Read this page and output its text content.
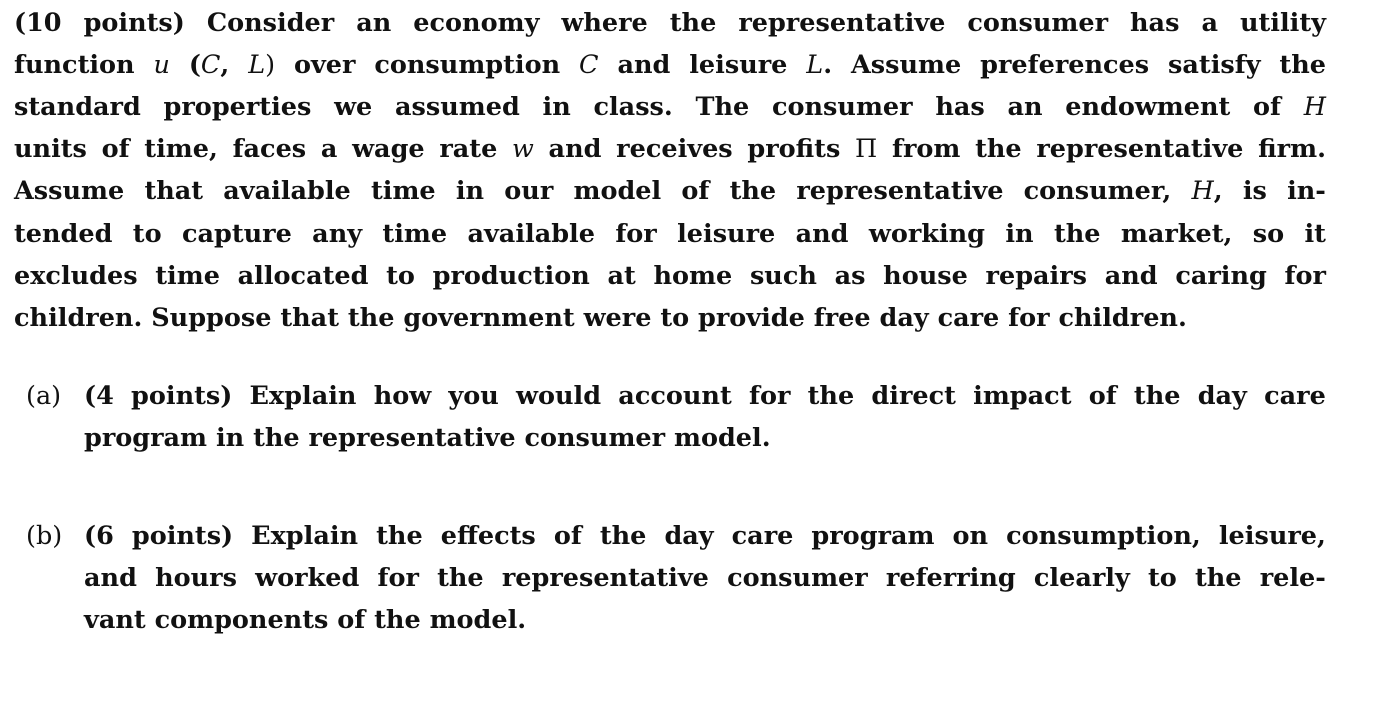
(10 points) Consider an economy where the representative consumer has a utility
function u (C, L) over consumption C and leisure L. Assume preferences satisfy the
standard properties we assumed in class. The consumer has an endowment of H
units of time, faces a wage rate w and receives profits Π from the representative firm.
Assume that available time in our model of the representative consumer, H, is in-
tended to capture any time available for leisure and working in the market, so it
excludes time allocated to production at home such as house repairs and caring for
children. Suppose that the government were to provide free day care for children.
(a) (4 points) Explain how you would account for the direct impact of the day care
program in the representative consumer model.
(b) (6 points) Explain the effects of the day care program on consumption, leisure,
and hours worked for the representative consumer referring clearly to the rele-
vant components of the model.
